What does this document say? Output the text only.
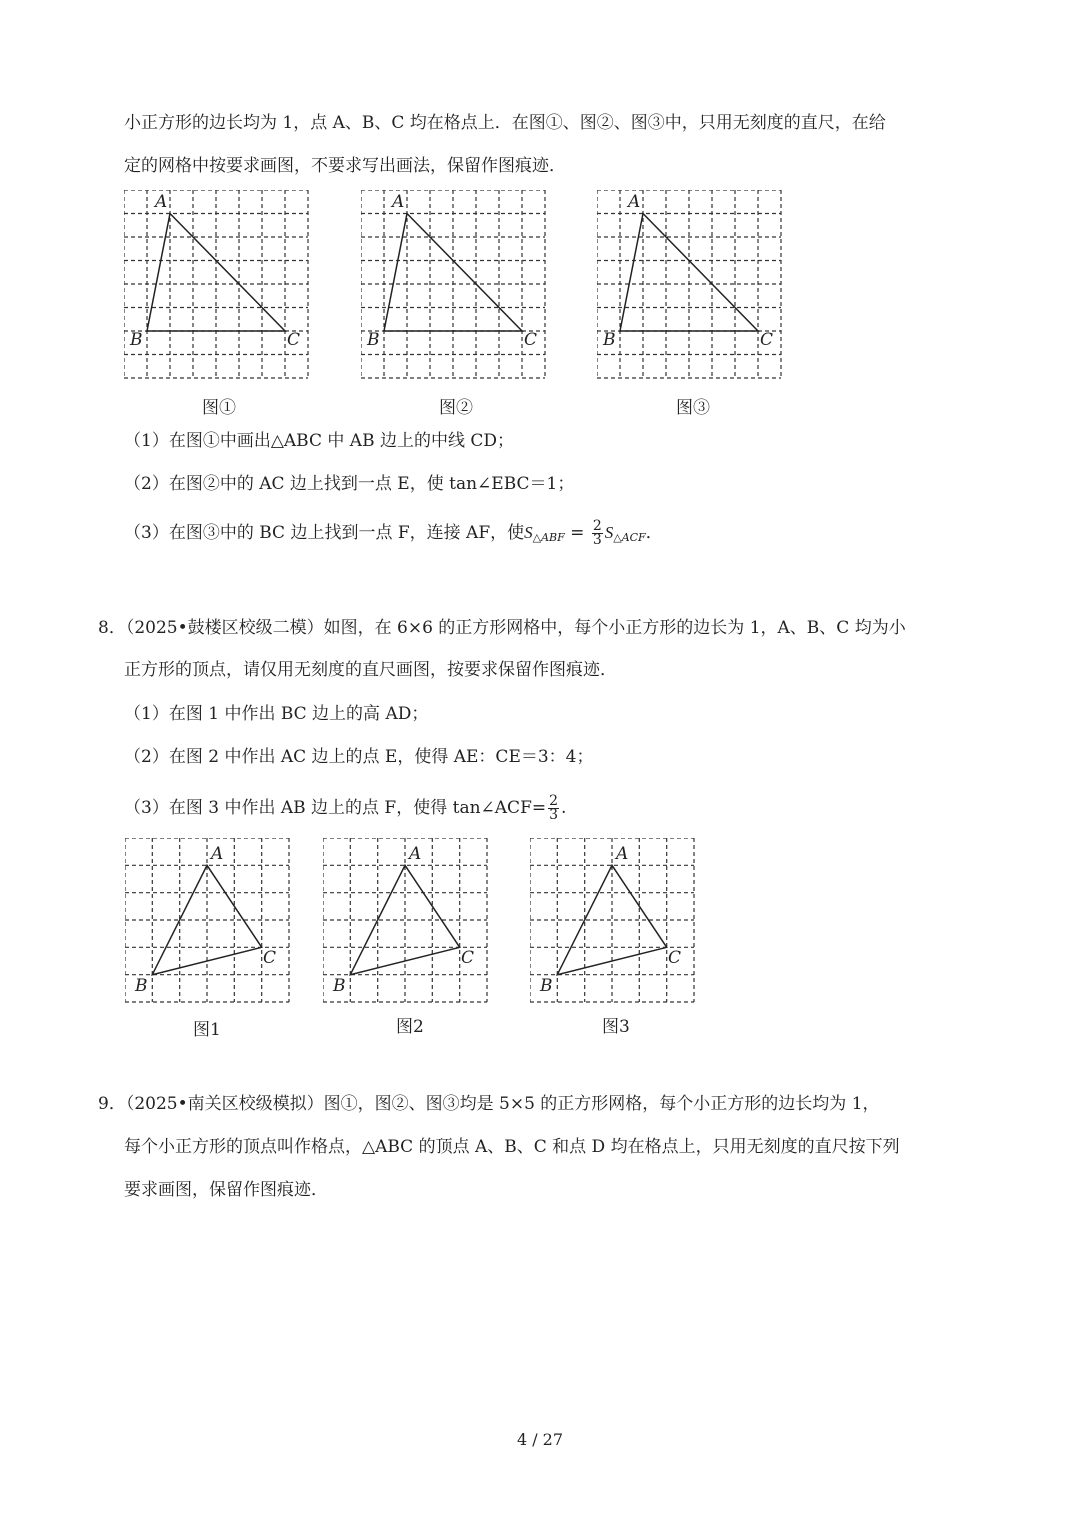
小正方形的边长均为 1，点 A、B、C 均在格点上．在图①、图②、图③中，只用无刻度的直尺，在给
定的网格中按要求画图，不要求写出画法，保留作图痕迹．
A
B	C
图①
A
B	C
图②
A
B	C
图③
（1）在图①中画出△ABC 中 AB 边上的中线 CD；
（2）在图②中的 AC 边上找到一点 E，使 tan∠EBC＝1；
（3）在图③中的 BC 边上找到一点 F，连接 AF，使$S_{\triangle ABF} = \frac{2}{3} S_{\triangle ACF}$．
8．（2025•鼓楼区校级二模）如图，在 6×6 的正方形网格中，每个小正方形的边长为 1，A、B、C 均为小
正方形的顶点，请仅用无刻度的直尺画图，按要求保留作图痕迹．
（1）在图 1 中作出 BC 边上的高 AD；
（2）在图 2 中作出 AC 边上的点 E，使得 AE：CE＝3：4；
（3）在图 3 中作出 AB 边上的点 F，使得 tan∠ACF= $\frac{2}{3}$ .
A
B
C
图1
A
B
C
图2
A
B
C
图3
9．（2025•南关区校级模拟）图①，图②、图③均是 5×5 的正方形网格，每个小正方形的边长均为 1，
每个小正方形的顶点叫作格点，△ABC 的顶点 A、B、C 和点 D 均在格点上，只用无刻度的直尺按下列
要求画图，保留作图痕迹．
4 / 27
